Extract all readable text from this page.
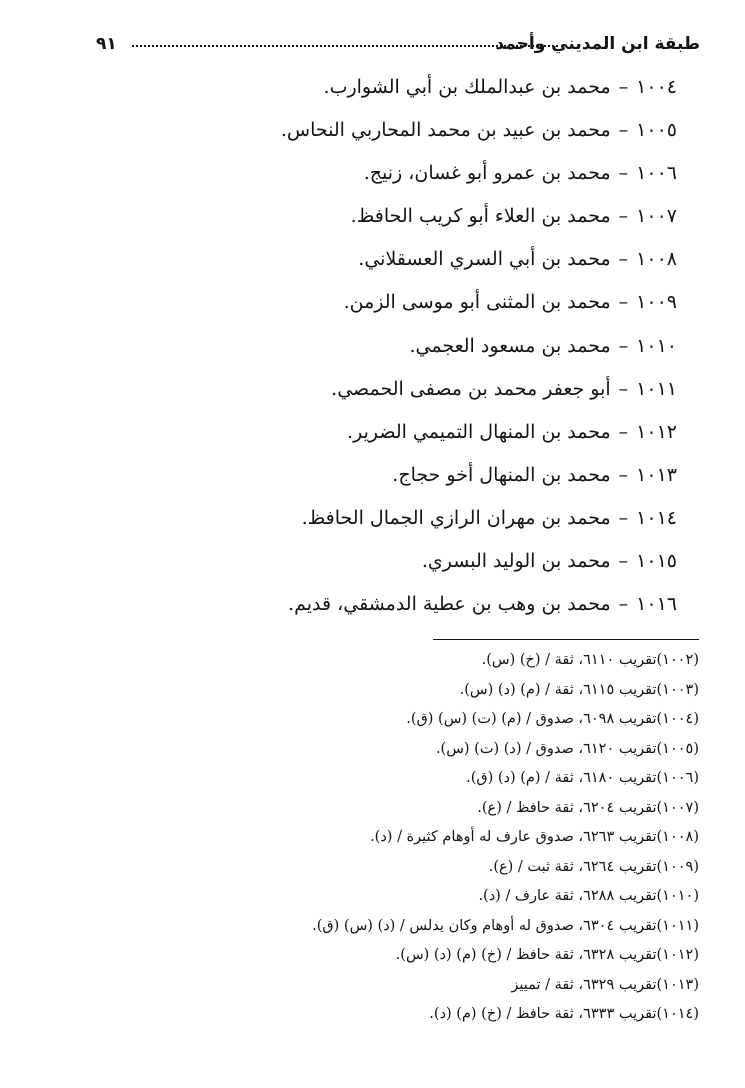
٩١	طبقة ابن المديني وأحمد
١٠٠٤–محمد بن عبدالملك بن أبي الشوارب.
١٠٠٥–محمد بن عبيد بن محمد المحاربي النحاس.
١٠٠٦–محمد بن عمرو أبو غسان، زنيج.
١٠٠٧–محمد بن العلاء أبو كريب الحافظ.
١٠٠٨–محمد بن أبي السري العسقلاني.
١٠٠٩–محمد بن المثنى أبو موسى الزمن.
١٠١٠–محمد بن مسعود العجمي.
١٠١١–أبو جعفر محمد بن مصفى الحمصي.
١٠١٢–محمد بن المنهال التميمي الضرير.
١٠١٣–محمد بن المنهال أخو حجاج.
١٠١٤–محمد بن مهران الرازي الجمال الحافظ.
١٠١٥–محمد بن الوليد البسري.
١٠١٦–محمد بن وهب بن عطية الدمشقي، قديم.
(١٠٠٢)تقريب ٦١١٠، ثقة / (خ) (س).
(١٠٠٣)تقريب ٦١١٥، ثقة / (م) (د) (س).
(١٠٠٤)تقريب ٦٠٩٨، صدوق / (م) (ت) (س) (ق).
(١٠٠٥)تقريب ٦١٢٠، صدوق / (د) (ت) (س).
(١٠٠٦)تقريب ٦١٨٠، ثقة / (م) (د) (ق).
(١٠٠٧)تقريب ٦٢٠٤، ثقة حافظ / (ع).
(١٠٠٨)تقريب ٦٢٦٣، صدوق عارف له أوهام كثيرة / (د).
(١٠٠٩)تقريب ٦٢٦٤، ثقة ثبت / (ع).
(١٠١٠)تقريب ٦٢٨٨، ثقة عارف / (د).
(١٠١١)تقريب ٦٣٠٤، صدوق له أوهام وكان يدلس / (د) (س) (ق).
(١٠١٢)تقريب ٦٣٢٨، ثقة حافظ / (خ) (م) (د) (س).
(١٠١٣)تقريب ٦٣٢٩، ثقة / تمييز
(١٠١٤)تقريب ٦٣٣٣، ثقة حافظ / (خ) (م) (د).
